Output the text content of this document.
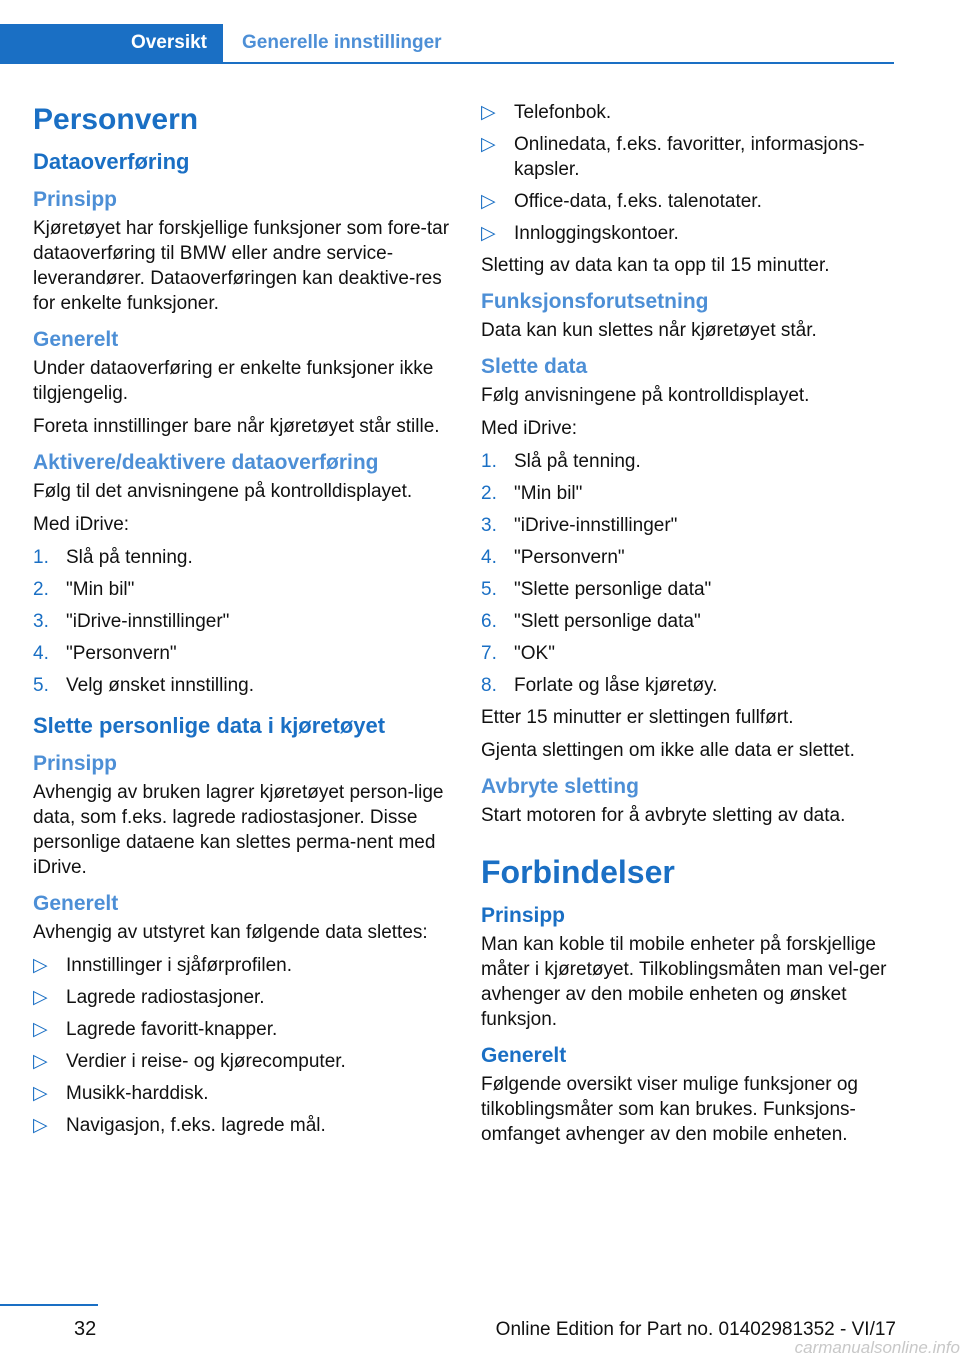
Oversikt	Generelle innstillinger
Personvern
Dataoverføring
Prinsipp

Kjøretøyet har forskjellige funksjoner som fore-tar dataoverføring til BMW eller andre service-leverandører. Dataoverføringen kan deaktive-res for enkelte funksjoner.

Generelt

Under dataoverføring er enkelte funksjoner ikke tilgjengelig.

Foreta innstillinger bare når kjøretøyet står stille.

Aktivere/deaktivere dataoverføring

Følg til det anvisningene på kontrolldisplayet.

Med iDrive:

1. Slå på tenning.
2. "Min bil"
3. "iDrive-innstillinger"
4. "Personvern"
5. Velg ønsket innstilling.
Slette personlige data i kjøretøyet
Prinsipp

Avhengig av bruken lagrer kjøretøyet person-lige data, som f.eks. lagrede radiostasjoner. Disse personlige dataene kan slettes perma-nent med iDrive.

Generelt

Avhengig av utstyret kan følgende data slettes:

▷ Innstillinger i sjåførprofilen.
▷ Lagrede radiostasjoner.
▷ Lagrede favoritt-knapper.
▷ Verdier i reise- og kjørecomputer.
▷ Musikk-harddisk.
▷ Navigasjon, f.eks. lagrede mål.
▷ Telefonbok.
▷ Onlinedata, f.eks. favoritter, informasjons-kapsler.
▷ Office-data, f.eks. talenotater.
▷ Innloggingskontoer.

Sletting av data kan ta opp til 15 minutter.

Funksjonsforutsetning

Data kan kun slettes når kjøretøyet står.

Slette data

Følg anvisningene på kontrolldisplayet.

Med iDrive:

1. Slå på tenning.
2. "Min bil"
3. "iDrive-innstillinger"
4. "Personvern"
5. "Slette personlige data"
6. "Slett personlige data"
7. "OK"
8. Forlate og låse kjøretøy.

Etter 15 minutter er slettingen fullført.

Gjenta slettingen om ikke alle data er slettet.

Avbryte sletting

Start motoren for å avbryte sletting av data.

Forbindelser
Prinsipp

Man kan koble til mobile enheter på forskjellige måter i kjøretøyet. Tilkoblingsmåten man vel-ger avhenger av den mobile enheten og ønsket funksjon.

Generelt

Følgende oversikt viser mulige funksjoner og tilkoblingsmåter som kan brukes. Funksjons-omfanget avhenger av den mobile enheten.

32	Online Edition for Part no. 01402981352 - VI/17
carmanualsonline.info
